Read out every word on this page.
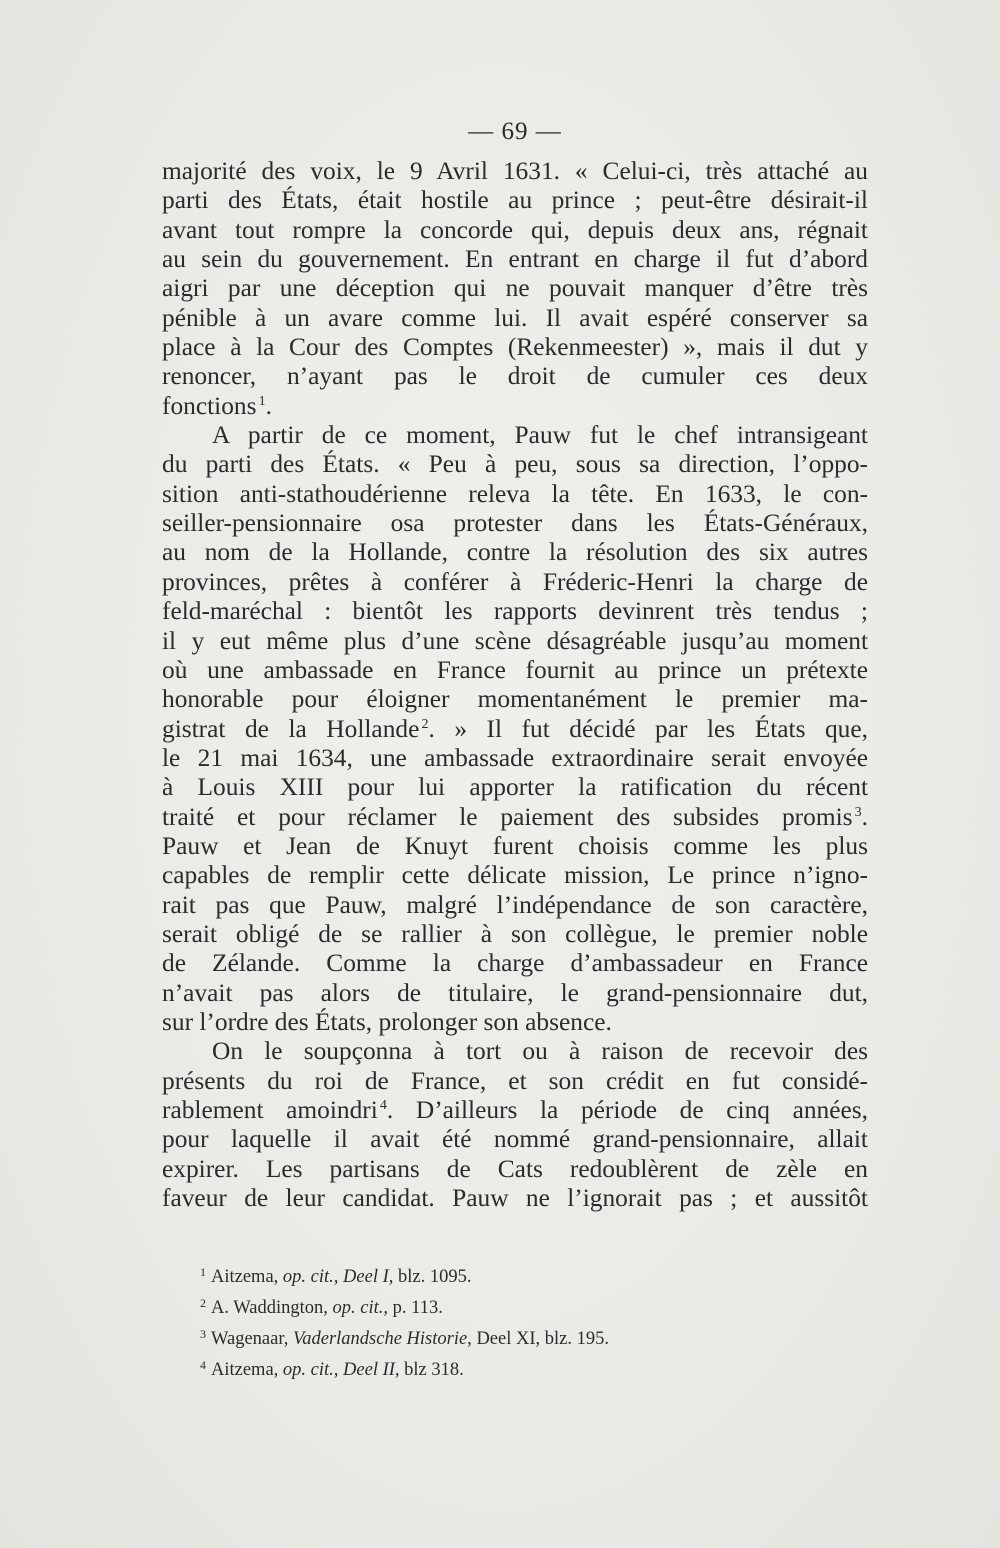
— 69 —

majorité des voix, le 9 Avril 1631. « Celui-ci, très attaché au
parti des États, était hostile au prince ; peut-être désirait-il
avant tout rompre la concorde qui, depuis deux ans, régnait
au sein du gouvernement. En entrant en charge il fut d’abord
aigri par une déception qui ne pouvait manquer d’être très
pénible à un avare comme lui. Il avait espéré conserver sa
place à la Cour des Comptes (Rekenmeester) », mais il dut y
renoncer, n’ayant pas le droit de cumuler ces deux
fonctions  $^1$.

A partir de ce moment, Pauw fut le chef intransigeant
du parti des États. « Peu à peu, sous sa direction, l’oppo-
sition anti-stathoudérienne releva la tête. En 1633, le con-
seiller-pensionnaire osa protester dans les États-Généraux,
au nom de la Hollande, contre la résolution des six autres
provinces, prêtes à conférer à Fréderic-Henri la charge de
feld-maréchal : bientôt les rapports devinrent très tendus ;
il y eut même plus d’une scène désagréable jusqu’au moment
où une ambassade en France fournit au prince un prétexte
honorable pour éloigner momentanément le premier ma-
gistrat de la Hollande  $^2$. » Il fut décidé par les États que,
le 21 mai 1634, une ambassade extraordinaire serait envoyée
à Louis XIII pour lui apporter la ratification du récent
traité et pour réclamer le paiement des subsides promis  $^3$.
Pauw et Jean de Knuyt furent choisis comme les plus
capables de remplir cette délicate mission, Le prince n’igno-
rait pas que Pauw, malgré l’indépendance de son caractère,
serait obligé de se rallier à son collègue, le premier noble
de Zélande. Comme la charge d’ambassadeur en France
n’avait pas alors de titulaire, le grand-pensionnaire dut,
sur l’ordre des États, prolonger son absence.

On le soupçonna à tort ou à raison de recevoir des
présents du roi de France, et son crédit en fut considé-
rablement amoindri  $^4$. D’ailleurs la période de cinq années,
pour laquelle il avait été nommé grand-pensionnaire, allait
expirer. Les partisans de Cats redoublèrent de zèle en
faveur de leur candidat. Pauw ne l’ignorait pas ; et aussitôt

$^1$ Aitzema, op. cit., Deel I, blz. 1095.

$^2$ A. Waddington, op. cit., p. 113.

$^3$ Wagenaar, Vaderlandsche Historie, Deel XI, blz. 195.

$^4$ Aitzema, op. cit., Deel II, blz 318.
